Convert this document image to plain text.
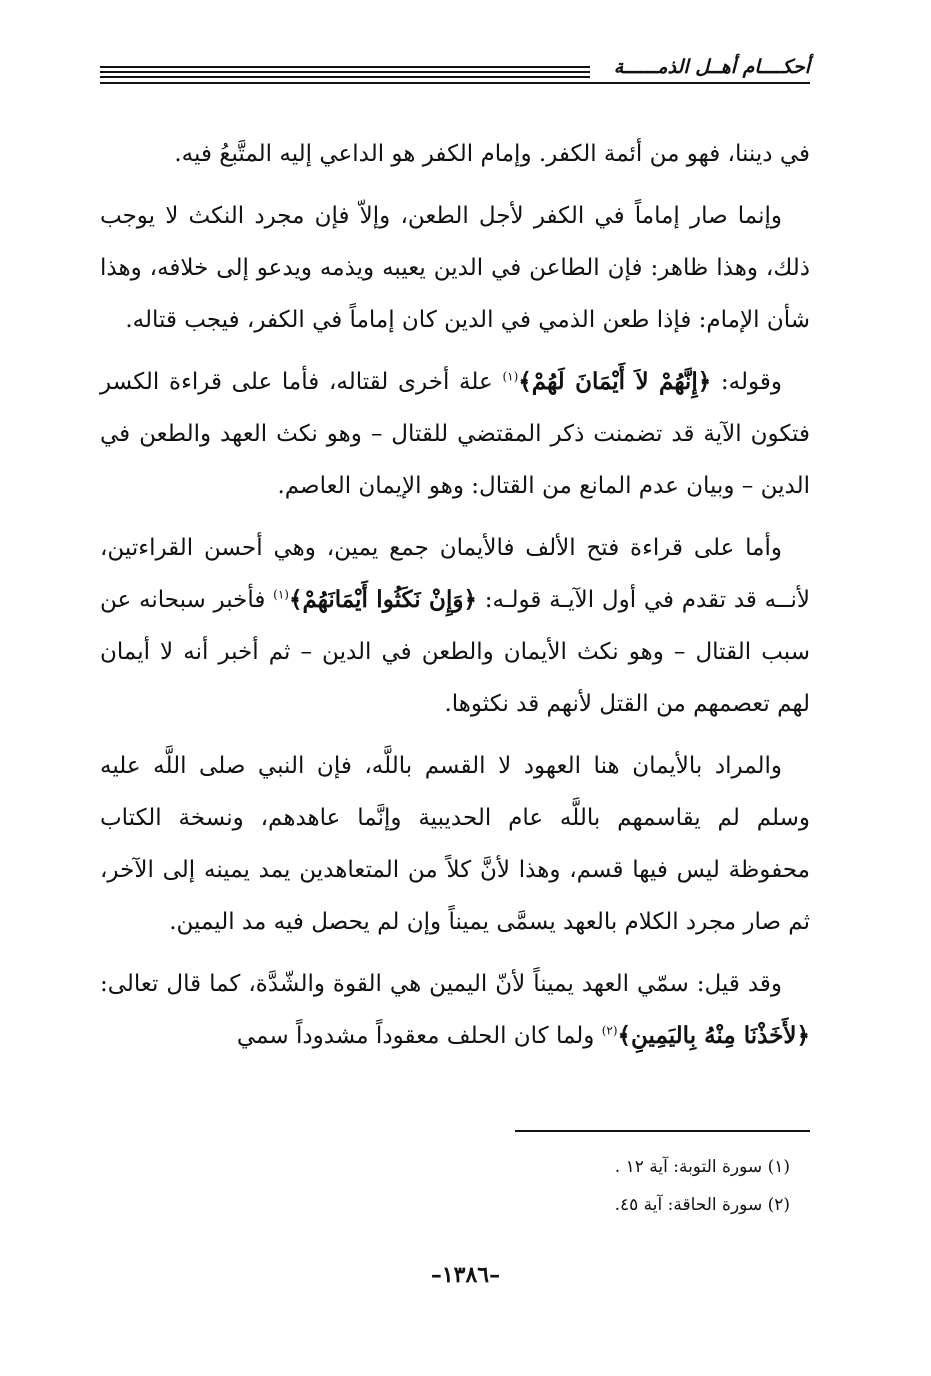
أحكــــام أهــل الذمــــــة

في ديننا، فهو من أئمة الكفر. وإمام الكفر هو الداعي إليه المتَّبعُ فيه.

وإنما صار إماماً في الكفر لأجل الطعن، وإلاّ فإن مجرد النكث لا يوجب ذلك، وهذا ظاهر: فإن الطاعن في الدين يعيبه ويذمه ويدعو إلى خلافه، وهذا شأن الإمام: فإذا طعن الذمي في الدين كان إماماً في الكفر، فيجب قتاله.

وقوله: ﴿إِنَّهُمْ لاَ أَيْمَانَ لَهُمْ﴾$^{(١)}$ علة أخرى لقتاله، فأما على قراءة الكسر فتكون الآية قد تضمنت ذكر المقتضي للقتال – وهو نكث العهد والطعن في الدين – وبيان عدم المانع من القتال: وهو الإيمان العاصم.

وأما على قراءة فتح الألف فالأيمان جمع يمين، وهي أحسن القراءتين، لأنــه قد تقدم في أول الآيـة قولـه: ﴿وَإِنْ نَكَثُوا أَيْمَانَهُمْ﴾$^{(١)}$ فأخبر سبحانه عن سبب القتال – وهو نكث الأيمان والطعن في الدين – ثم أخبر أنه لا أيمان لهم تعصمهم من القتل لأنهم قد نكثوها.

والمراد بالأيمان هنا العهود لا القسم باللَّه، فإن النبي صلى اللَّه عليه وسلم لم يقاسمهم باللَّه عام الحديبية وإنَّما عاهدهم، ونسخة الكتاب محفوظة ليس فيها قسم، وهذا لأنَّ كلاً من المتعاهدين يمد يمينه إلى الآخر، ثم صار مجرد الكلام بالعهد يسمَّى يميناً وإن لم يحصل فيه مد اليمين.

وقد قيل: سمّي العهد يميناً لأنّ اليمين هي القوة والشّدَّة، كما قال تعالى: ﴿لأَخَذْنَا مِنْهُ بِاليَمِينِ﴾$^{(٢)}$ ولما كان الحلف معقوداً مشدوداً سمي

(١) سورة التوبة: آية ١٢ .

(٢) سورة الحاقة: آية ٤٥.

–١٣٨٦–
